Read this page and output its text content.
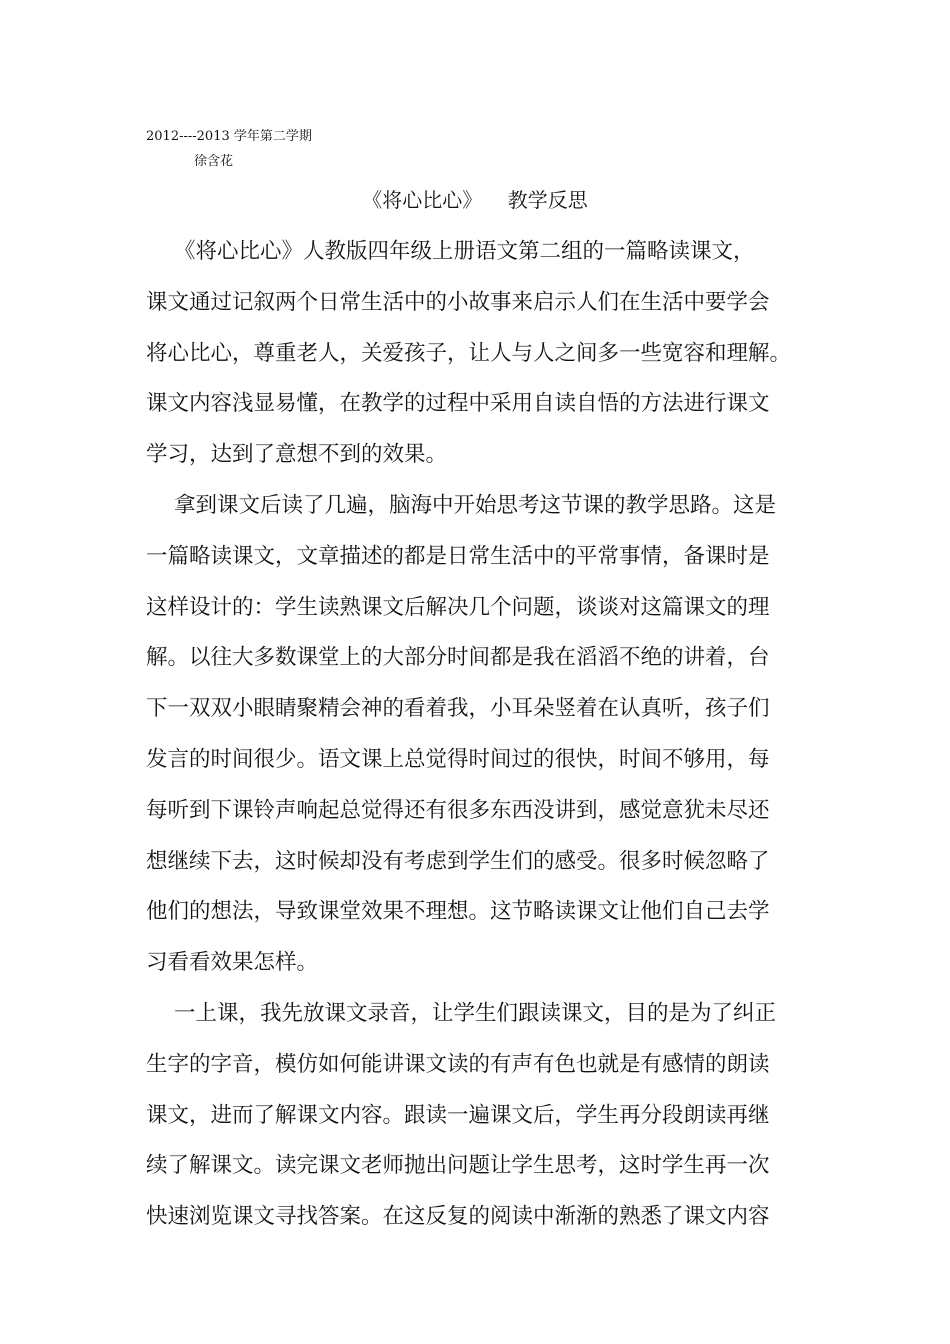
2012----2013 学年第二学期
徐含花
《将心比心》    教学反思
《将心比心》人教版四年级上册语文第二组的一篇略读课文，
课文通过记叙两个日常生活中的小故事来启示人们在生活中要学会
将心比心，尊重老人，关爱孩子，让人与人之间多一些宽容和理解。
课文内容浅显易懂，在教学的过程中采用自读自悟的方法进行课文
学习，达到了意想不到的效果。
拿到课文后读了几遍，脑海中开始思考这节课的教学思路。这是
一篇略读课文，文章描述的都是日常生活中的平常事情，备课时是
这样设计的：学生读熟课文后解决几个问题，谈谈对这篇课文的理
解。以往大多数课堂上的大部分时间都是我在滔滔不绝的讲着，台
下一双双小眼睛聚精会神的看着我，小耳朵竖着在认真听，孩子们
发言的时间很少。语文课上总觉得时间过的很快，时间不够用，每
每听到下课铃声响起总觉得还有很多东西没讲到，感觉意犹未尽还
想继续下去，这时候却没有考虑到学生们的感受。很多时候忽略了
他们的想法，导致课堂效果不理想。这节略读课文让他们自己去学
习看看效果怎样。
一上课，我先放课文录音，让学生们跟读课文，目的是为了纠正
生字的字音，模仿如何能讲课文读的有声有色也就是有感情的朗读
课文，进而了解课文内容。跟读一遍课文后，学生再分段朗读再继
续了解课文。读完课文老师抛出问题让学生思考，这时学生再一次
快速浏览课文寻找答案。在这反复的阅读中渐渐的熟悉了课文内容
